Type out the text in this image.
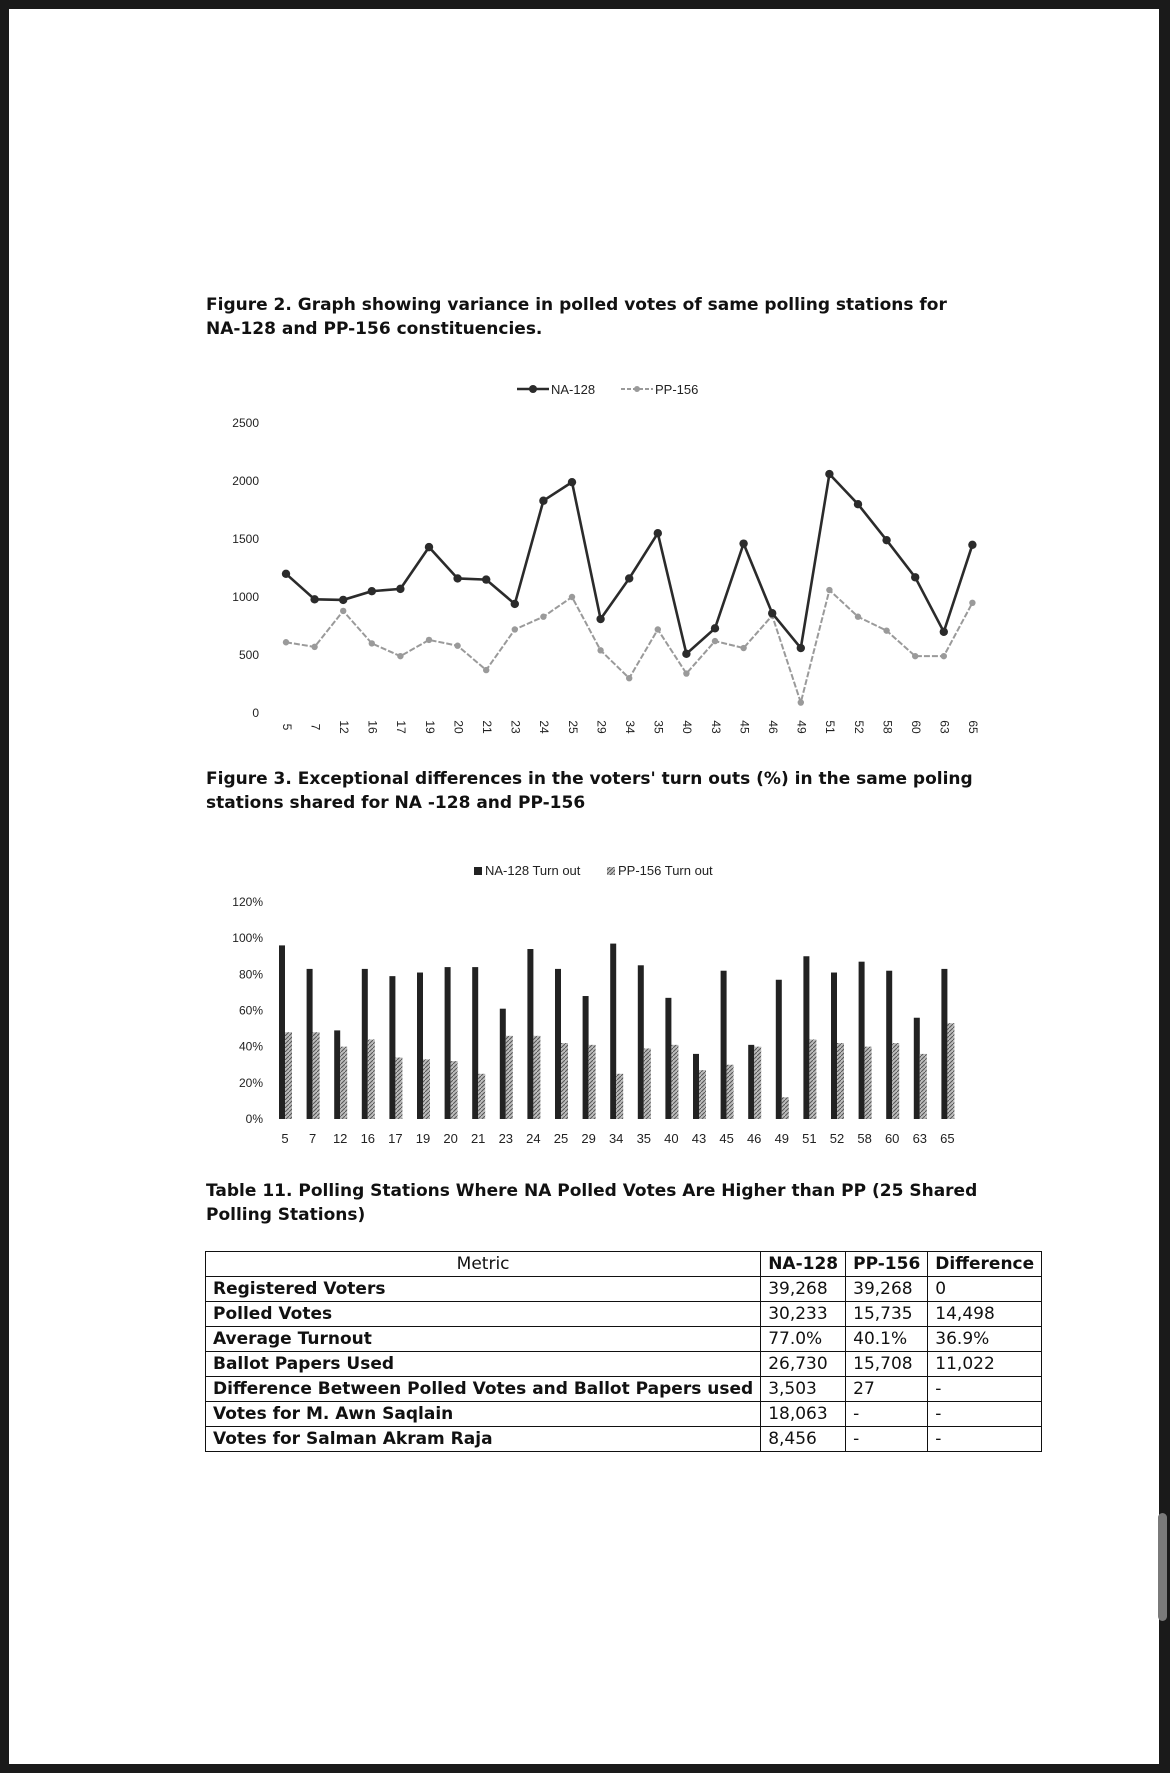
Figure 2. Graph showing variance in polled votes of same polling stations for NA-128 and PP-156 constituencies.
0
500
1000
1500
2000
2500
NA-128	PP-156
5 7 12 16 17 19 20 21 23 24 25 29 34 35 40 43 45 46 49 51 52 58 60 63 65
Figure 3. Exceptional differences in the voters' turn outs (%) in the same poling stations shared for NA -128 and PP-156
0%
20%
40%
60%
80%
100%
120%
NA-128 Turn out	PP-156 Turn out
5 7 12 16 17 19 20 21 23 24 25 29 34 35 40 43 45 46 49 51 52 58 60 63 65
Table 11. Polling Stations Where NA Polled Votes Are Higher than PP (25 Shared Polling Stations)
Metric	NA-128	PP-156	Difference
Registered Voters	39,268	39,268	0
Polled Votes	30,233	15,735	14,498
Average Turnout	77.0%	40.1%	36.9%
Ballot Papers Used	26,730	15,708	11,022
Difference Between Polled Votes and Ballot Papers used	3,503	27	-
Votes for M. Awn Saqlain	18,063	-	-
Votes for Salman Akram Raja	8,456	-	-
